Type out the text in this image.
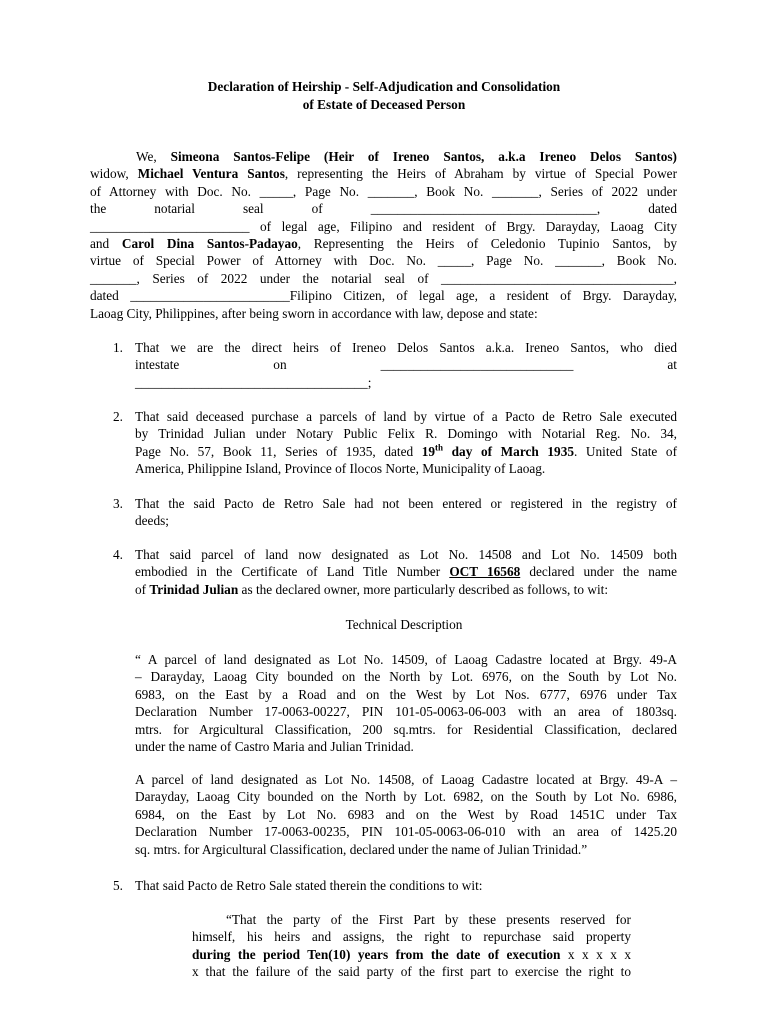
Declaration of Heirship - Self-Adjudication and Consolidation
of Estate of Deceased Person
We, Simeona Santos-Felipe (Heir of Ireneo Santos, a.k.a Ireneo Delos Santos)
widow, Michael Ventura Santos, representing the Heirs of Abraham by virtue of Special Power
of Attorney with Doc. No. _____, Page No. _______, Book No. _______, Series of 2022 under
the notarial seal of __________________________________, dated
________________________ of legal age, Filipino and resident of Brgy. Darayday, Laoag City
and Carol Dina Santos-Padayao, Representing the Heirs of Celedonio Tupinio Santos, by
virtue of Special Power of Attorney with Doc. No. _____, Page No. _______, Book No.
_______, Series of 2022 under the notarial seal of ___________________________________,
dated ________________________Filipino Citizen, of legal age, a resident of Brgy. Darayday,
Laoag City, Philippines, after being sworn in accordance with law, depose and state:
1. That we are the direct heirs of Ireneo Delos Santos a.k.a. Ireneo Santos, who died
intestate on _____________________________ at
___________________________________;
2. That said deceased purchase a parcels of land by virtue of a Pacto de Retro Sale executed
by Trinidad Julian under Notary Public Felix R. Domingo with Notarial Reg. No. 34,
Page No. 57, Book 11, Series of 1935, dated 19th day of March 1935. United State of
America, Philippine Island, Province of Ilocos Norte, Municipality of Laoag.
3. That the said Pacto de Retro Sale had not been entered or registered in the registry of
deeds;
4. That said parcel of land now designated as Lot No. 14508 and Lot No. 14509 both
embodied in the Certificate of Land Title Number OCT 16568 declared under the name
of Trinidad Julian as the declared owner, more particularly described as follows, to wit:
Technical Description
“ A parcel of land designated as Lot No. 14509, of Laoag Cadastre located at Brgy. 49-A
– Darayday, Laoag City bounded on the North by Lot. 6976, on the South by Lot No.
6983, on the East by a Road and on the West by Lot Nos. 6777, 6976 under Tax
Declaration Number 17-0063-00227, PIN 101-05-0063-06-003 with an area of 1803sq.
mtrs. for Argicultural Classification, 200 sq.mtrs. for Residential Classification, declared
under the name of Castro Maria and Julian Trinidad.
A parcel of land designated as Lot No. 14508, of Laoag Cadastre located at Brgy. 49-A –
Darayday, Laoag City bounded on the North by Lot. 6982, on the South by Lot No. 6986,
6984, on the East by Lot No. 6983 and on the West by Road 1451C under Tax
Declaration Number 17-0063-00235, PIN 101-05-0063-06-010 with an area of 1425.20
sq. mtrs. for Argicultural Classification, declared under the name of Julian Trinidad.”
5. That said Pacto de Retro Sale stated therein the conditions to wit:
“That the party of the First Part by these presents reserved for
himself, his heirs and assigns, the right to repurchase said property
during the period Ten(10) years from the date of execution x x x x x
x that the failure of the said party of the first part to exercise the right to
